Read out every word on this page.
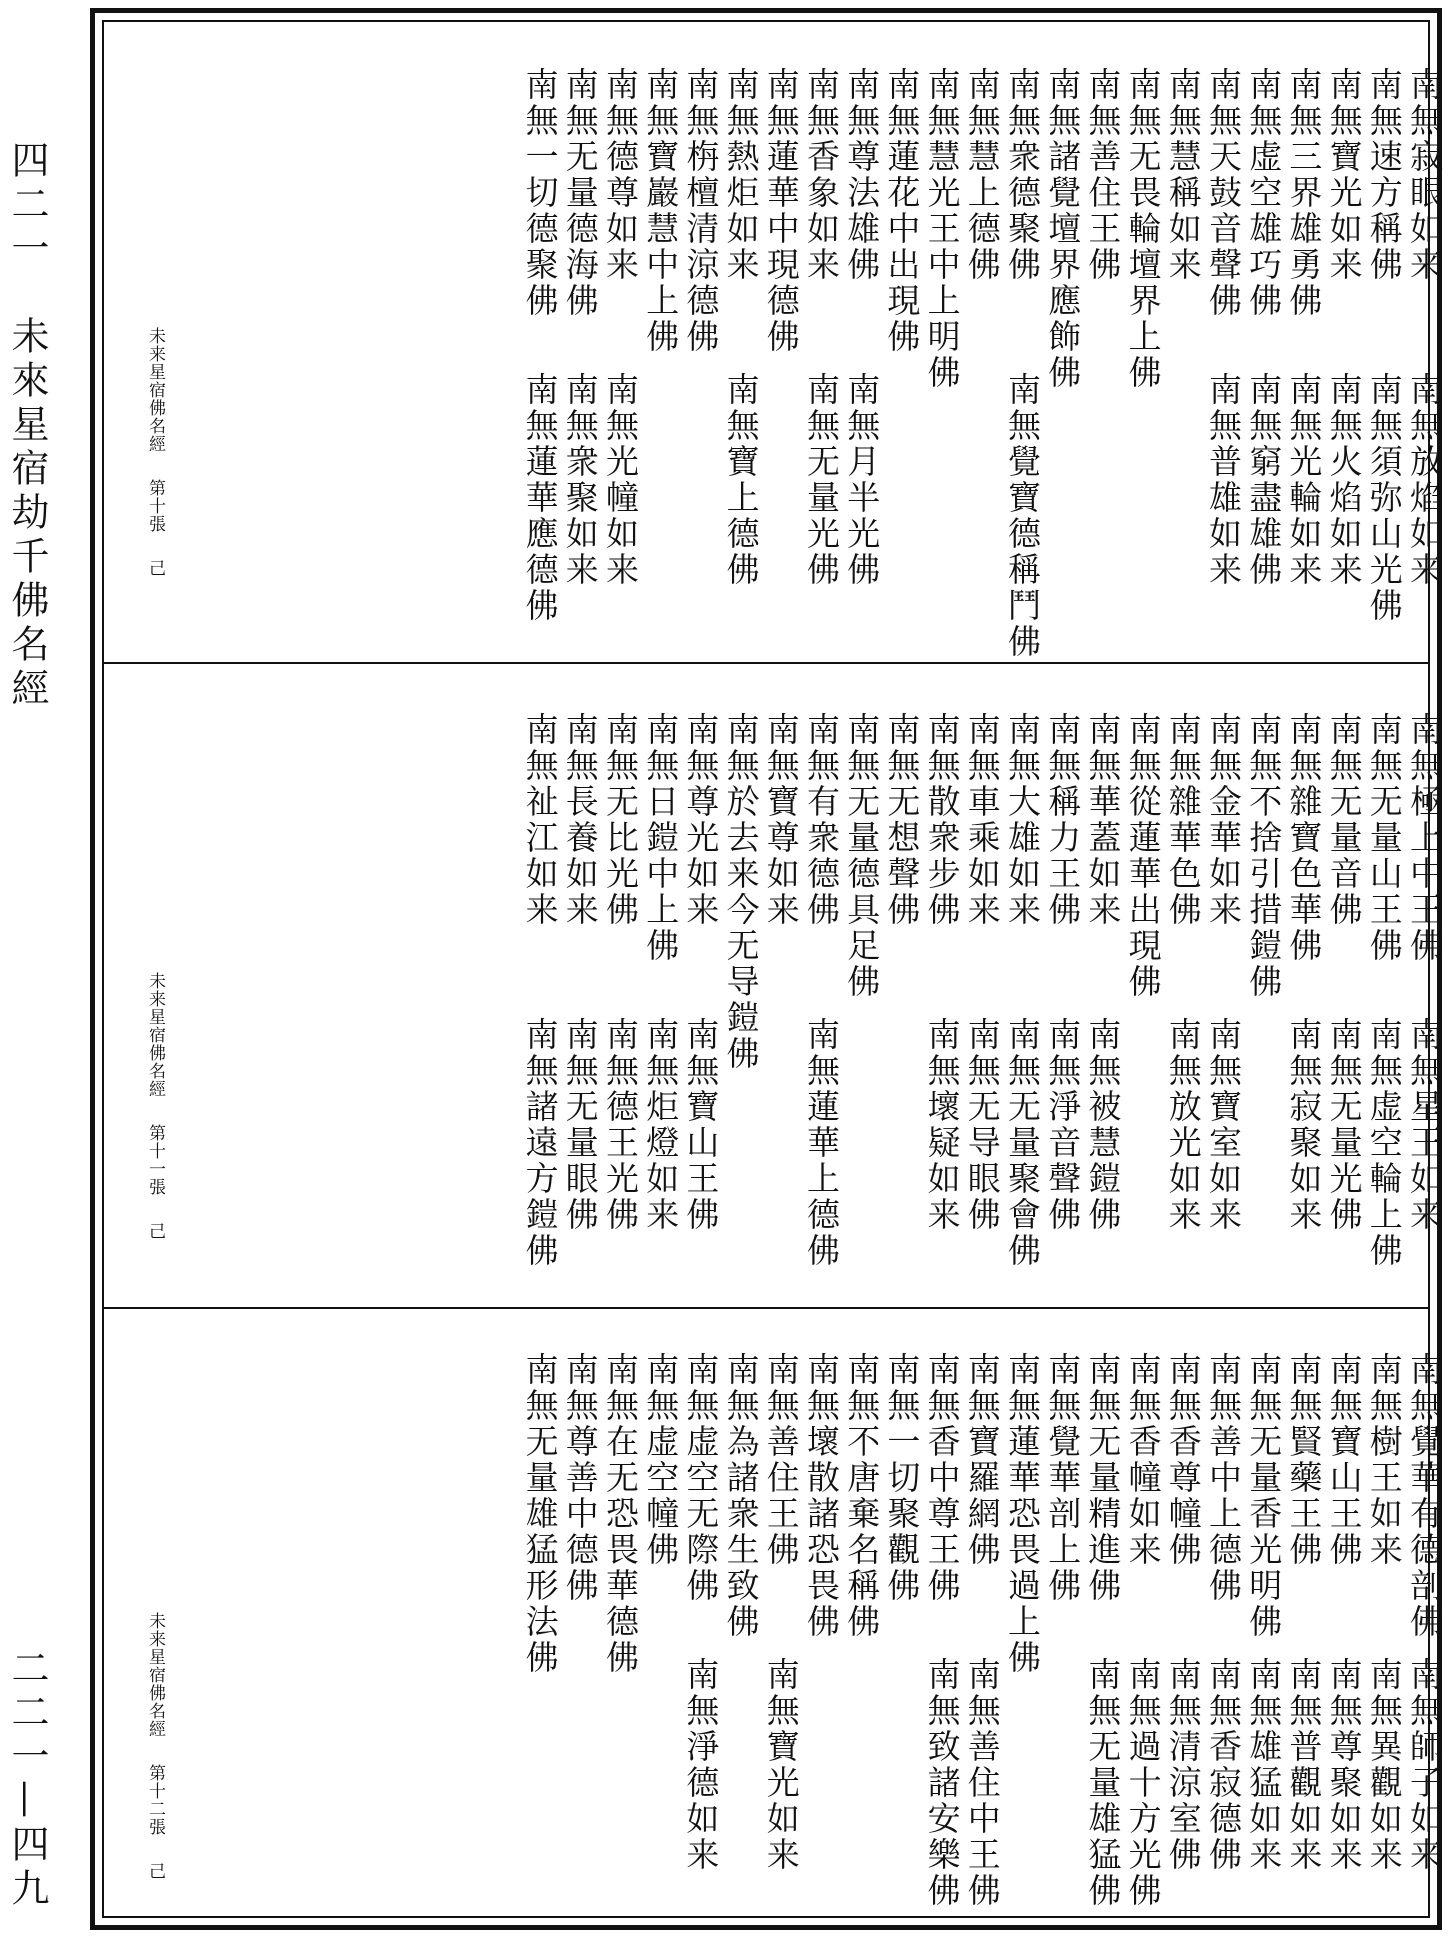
四二一　未來星宿劫千佛名經
二二一—四九
南無寂眼如来
南無放焰如来
南無速方稱佛
南無須弥山光佛
南無寶光如来
南無火焰如来
南無三界雄勇佛
南無光輪如来
南無虚空雄巧佛
南無窮盡雄佛
南無天鼓音聲佛
南無普雄如来
南無慧稱如来
南無无畏輪壇界上佛
南無善住王佛
南無諸覺壇界應飾佛
南無衆德聚佛
南無覺寶德稱鬥佛
南無慧上德佛
南無慧光王中上明佛
南無蓮花中出現佛
南無尊法雄佛
南無月半光佛
南無香象如来
南無无量光佛
南無蓮華中現德佛
南無熱炬如来
南無寶上德佛
南無栴檀清涼德佛
南無寶巖慧中上佛
南無德尊如来
南無光幢如来
南無无量德海佛
南無衆聚如来
南無一切德聚佛
南無蓮華應德佛
未来星宿佛名經第十張己
南無極上中王佛
南無星王如来
南無无量山王佛
南無虚空輪上佛
南無无量音佛
南無无量光佛
南無雜寶色華佛
南無寂聚如来
南無不捨引措鎧佛
南無金華如来
南無寶室如来
南無雜華色佛
南無放光如来
南無從蓮華出現佛
南無華蓋如来
南無被慧鎧佛
南無稱力王佛
南無淨音聲佛
南無大雄如来
南無无量聚會佛
南無車乘如来
南無无导眼佛
南無散衆步佛
南無壞疑如来
南無无想聲佛
南無无量德具足佛
南無有衆德佛
南無蓮華上德佛
南無寶尊如来
南無於去来今无导鎧佛
南無尊光如来
南無寶山王佛
南無日鎧中上佛
南無炬燈如来
南無无比光佛
南無德王光佛
南無長養如来
南無无量眼佛
南無祉江如来
南無諸遠方鎧佛
未来星宿佛名經第十一張己
南無覺華有德剖佛
南無師子如来
南無樹王如来
南無異觀如来
南無寶山王佛
南無尊聚如来
南無賢藥王佛
南無普觀如来
南無无量香光明佛
南無雄猛如来
南無善中上德佛
南無香寂德佛
南無香尊幢佛
南無清涼室佛
南無香幢如来
南無過十方光佛
南無无量精進佛
南無无量雄猛佛
南無覺華剖上佛
南無蓮華恐畏過上佛
南無寶羅網佛
南無善住中王佛
南無香中尊王佛
南無致諸安樂佛
南無一切聚觀佛
南無不唐棄名稱佛
南無壞散諸恐畏佛
南無善住王佛
南無寶光如来
南無為諸衆生致佛
南無虚空无際佛
南無淨德如来
南無虚空幢佛
南無在无恐畏華德佛
南無尊善中德佛
南無无量雄猛形法佛
未来星宿佛名經第十二張己
